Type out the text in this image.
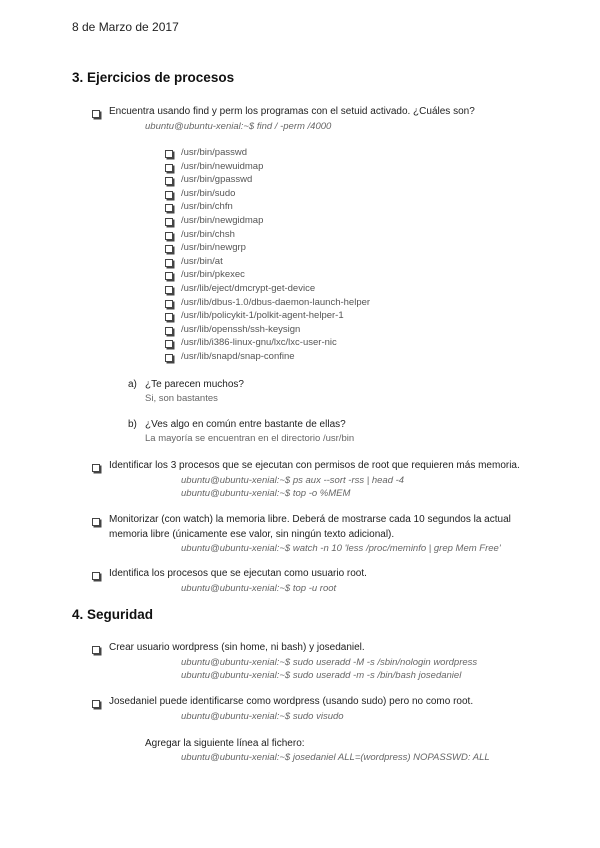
8 de Marzo de 2017
3. Ejercicios de procesos
Encuentra usando find y perm los programas con el setuid activado. ¿Cuáles son?
ubuntu@ubuntu-xenial:~$ find / -perm /4000
/usr/bin/passwd
/usr/bin/newuidmap
/usr/bin/gpasswd
/usr/bin/sudo
/usr/bin/chfn
/usr/bin/newgidmap
/usr/bin/chsh
/usr/bin/newgrp
/usr/bin/at
/usr/bin/pkexec
/usr/lib/eject/dmcrypt-get-device
/usr/lib/dbus-1.0/dbus-daemon-launch-helper
/usr/lib/policykit-1/polkit-agent-helper-1
/usr/lib/openssh/ssh-keysign
/usr/lib/i386-linux-gnu/lxc/lxc-user-nic
/usr/lib/snapd/snap-confine
a) ¿Te parecen muchos?
Si, son bastantes
b) ¿Ves algo en común entre bastante de ellas?
La mayoría se encuentran en el directorio /usr/bin
Identificar los 3 procesos que se ejecutan con permisos de root que requieren más memoria.
ubuntu@ubuntu-xenial:~$ ps aux --sort -rss | head -4
ubuntu@ubuntu-xenial:~$ top -o %MEM
Monitorizar (con watch) la memoria libre. Deberá de mostrarse cada 10 segundos la actual
memoria libre (únicamente ese valor, sin ningún texto adicional).
ubuntu@ubuntu-xenial:~$ watch -n 10 'less /proc/meminfo | grep Mem Free'
Identifica los procesos que se ejecutan como usuario root.
ubuntu@ubuntu-xenial:~$ top -u root
4. Seguridad
Crear usuario wordpress (sin home, ni bash) y josedaniel.
ubuntu@ubuntu-xenial:~$ sudo useradd -M -s /sbin/nologin wordpress
ubuntu@ubuntu-xenial:~$ sudo useradd -m -s /bin/bash josedaniel
Josedaniel puede identificarse como wordpress (usando sudo) pero no como root.
ubuntu@ubuntu-xenial:~$ sudo visudo
Agregar la siguiente línea al fichero:
ubuntu@ubuntu-xenial:~$ josedaniel ALL=(wordpress) NOPASSWD: ALL
